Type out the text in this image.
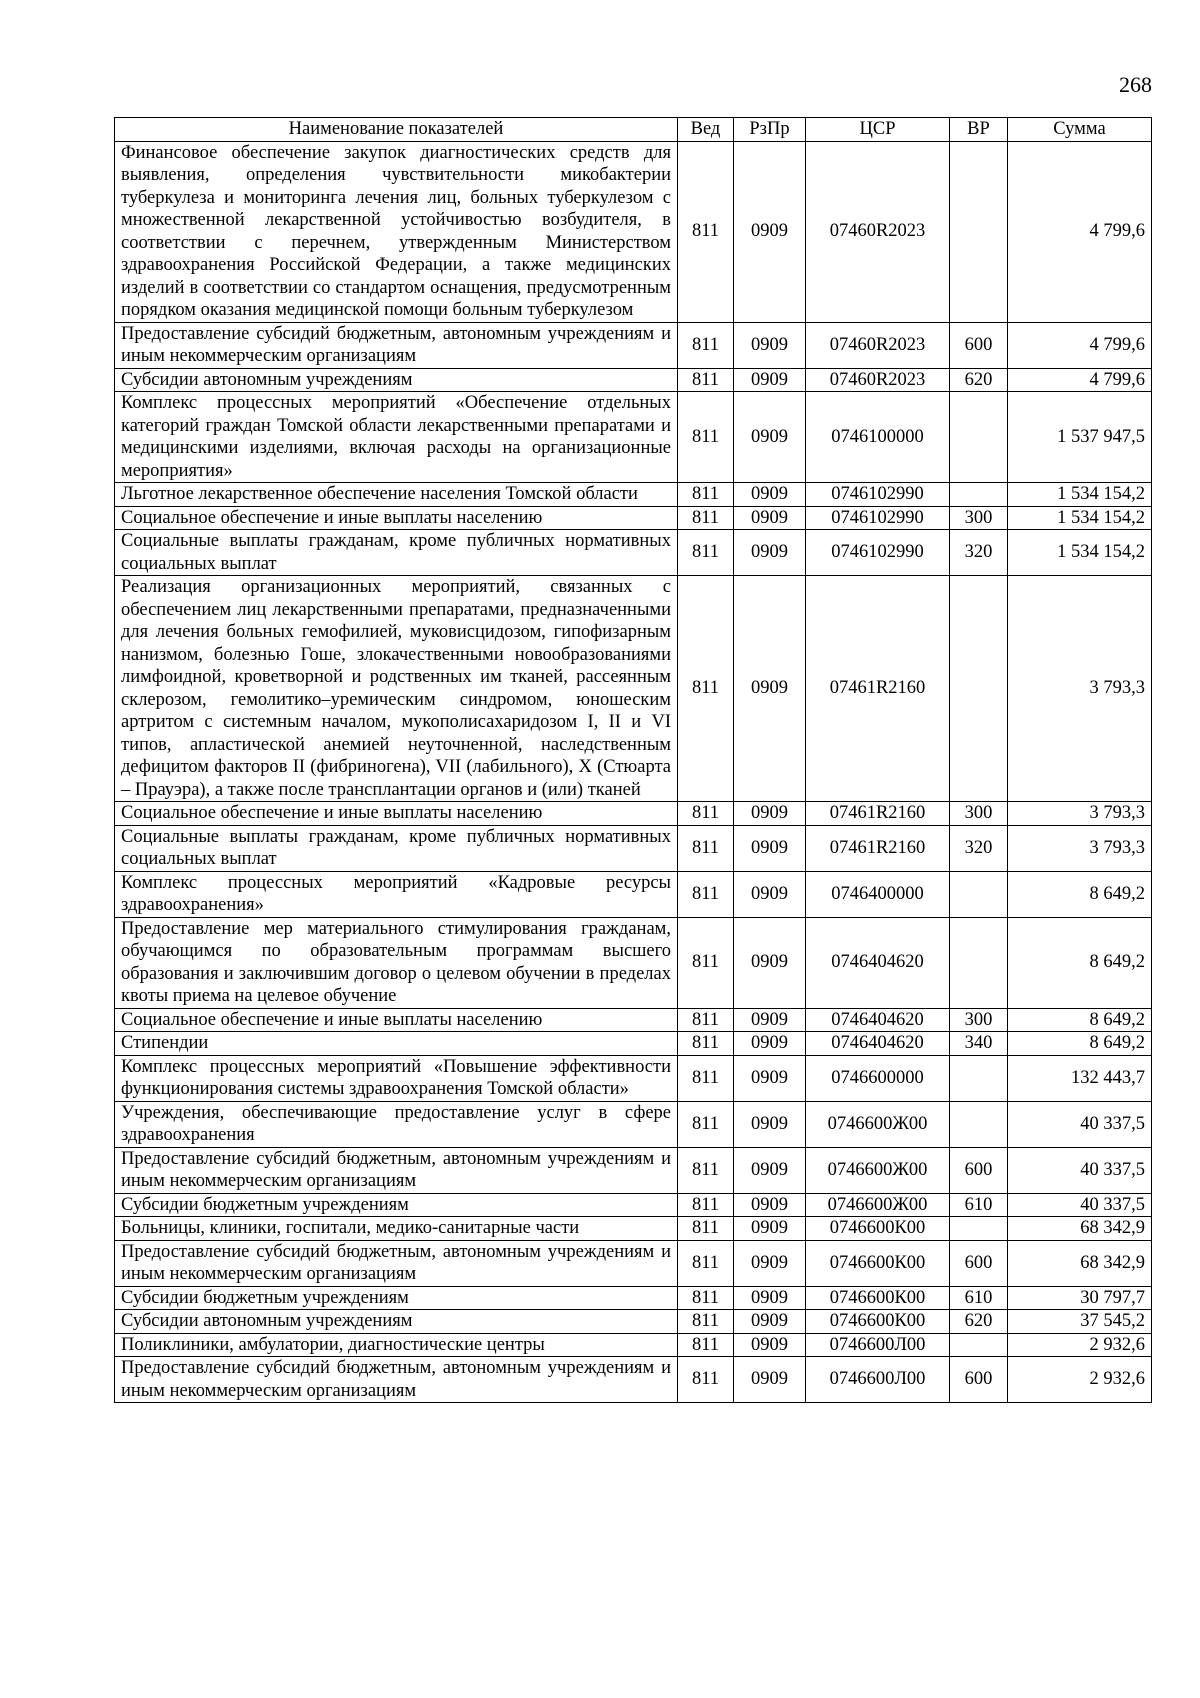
268
Наименование показателей	Вед	РзПр	ЦСР	ВР	Сумма
Финансовое обеспечение закупок диагностических средств для выявления, определения чувствительности микобактерии туберкулеза и мониторинга лечения лиц, больных туберкулезом с множественной лекарственной устойчивостью возбудителя, в соответствии с перечнем, утвержденным Министерством здравоохранения Российской Федерации, а также медицинских изделий в соответствии со стандартом оснащения, предусмотренным порядком оказания медицинской помощи больным туберкулезом	811	0909	07460R2023		4 799,6
Предоставление субсидий бюджетным, автономным учреждениям и иным некоммерческим организациям	811	0909	07460R2023	600	4 799,6
Субсидии автономным учреждениям	811	0909	07460R2023	620	4 799,6
Комплекс процессных мероприятий «Обеспечение отдельных категорий граждан Томской области лекарственными препаратами и медицинскими изделиями, включая расходы на организационные мероприятия»	811	0909	0746100000		1 537 947,5
Льготное лекарственное обеспечение населения Томской области	811	0909	0746102990		1 534 154,2
Социальное обеспечение и иные выплаты населению	811	0909	0746102990	300	1 534 154,2
Социальные выплаты гражданам, кроме публичных нормативных социальных выплат	811	0909	0746102990	320	1 534 154,2
Реализация организационных мероприятий, связанных с обеспечением лиц лекарственными препаратами, предназначенными для лечения больных гемофилией, муковисцидозом, гипофизарным нанизмом, болезнью Гоше, злокачественными новообразованиями лимфоидной, кроветворной и родственных им тканей, рассеянным склерозом, гемолитико–уремическим синдромом, юношеским артритом с системным началом, мукополисахаридозом I, II и VI типов, апластической анемией неуточненной, наследственным дефицитом факторов II (фибриногена), VII (лабильного), X (Стюарта – Прауэра), а также после трансплантации органов и (или) тканей	811	0909	07461R2160		3 793,3
Социальное обеспечение и иные выплаты населению	811	0909	07461R2160	300	3 793,3
Социальные выплаты гражданам, кроме публичных нормативных социальных выплат	811	0909	07461R2160	320	3 793,3
Комплекс процессных мероприятий «Кадровые ресурсы здравоохранения»	811	0909	0746400000		8 649,2
Предоставление мер материального стимулирования гражданам, обучающимся по образовательным программам высшего образования и заключившим договор о целевом обучении в пределах квоты приема на целевое обучение	811	0909	0746404620		8 649,2
Социальное обеспечение и иные выплаты населению	811	0909	0746404620	300	8 649,2
Стипендии	811	0909	0746404620	340	8 649,2
Комплекс процессных мероприятий «Повышение эффективности функционирования системы здравоохранения Томской области»	811	0909	0746600000		132 443,7
Учреждения, обеспечивающие предоставление услуг в сфере здравоохранения	811	0909	0746600Ж00		40 337,5
Предоставление субсидий бюджетным, автономным учреждениям и иным некоммерческим организациям	811	0909	0746600Ж00	600	40 337,5
Субсидии бюджетным учреждениям	811	0909	0746600Ж00	610	40 337,5
Больницы, клиники, госпитали, медико-санитарные части	811	0909	0746600К00		68 342,9
Предоставление субсидий бюджетным, автономным учреждениям и иным некоммерческим организациям	811	0909	0746600К00	600	68 342,9
Субсидии бюджетным учреждениям	811	0909	0746600К00	610	30 797,7
Субсидии автономным учреждениям	811	0909	0746600К00	620	37 545,2
Поликлиники, амбулатории, диагностические центры	811	0909	0746600Л00		2 932,6
Предоставление субсидий бюджетным, автономным учреждениям и иным некоммерческим организациям	811	0909	0746600Л00	600	2 932,6
